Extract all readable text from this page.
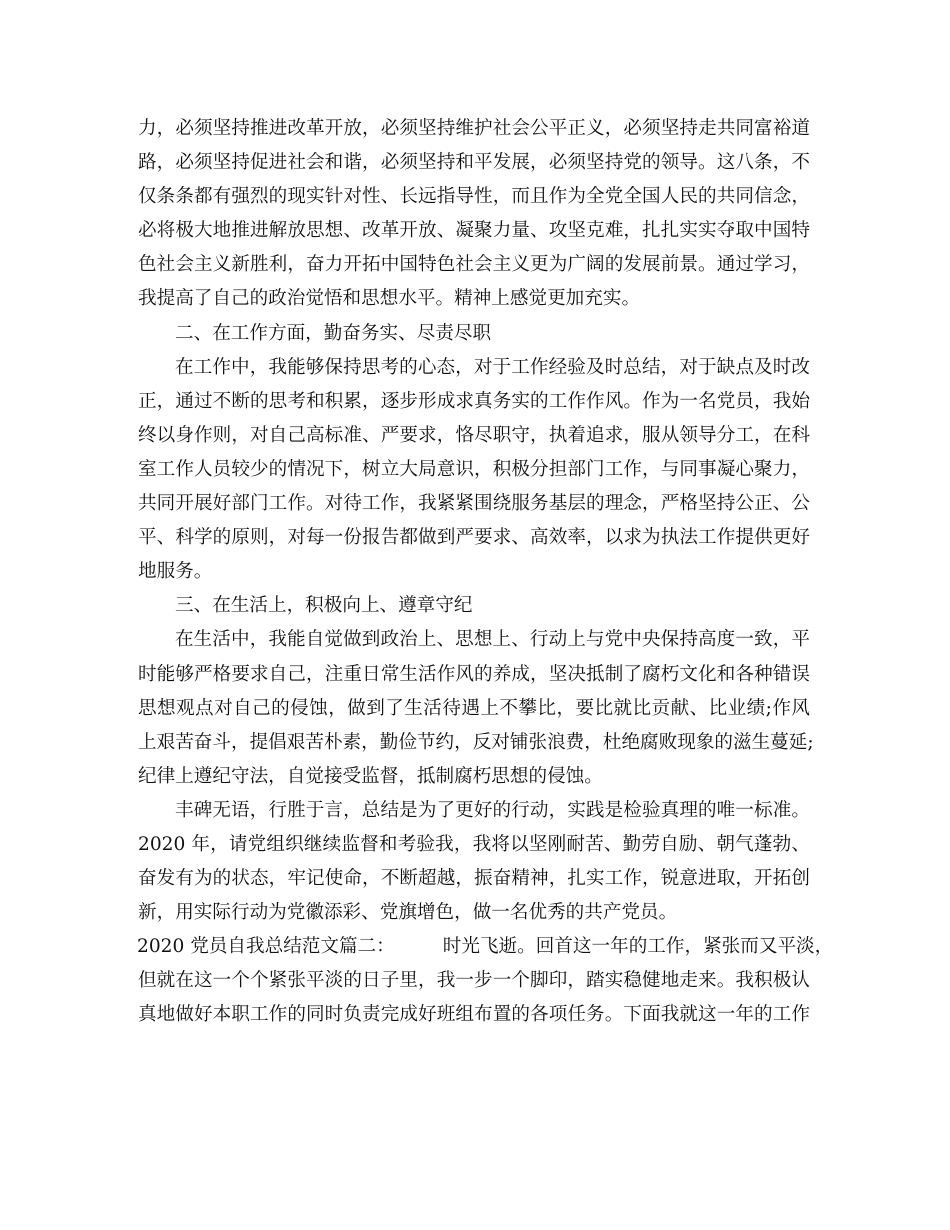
力，必须坚持推进改革开放，必须坚持维护社会公平正义，必须坚持走共同富裕道
路，必须坚持促进社会和谐，必须坚持和平发展，必须坚持党的领导。这八条，不
仅条条都有强烈的现实针对性、长远指导性，而且作为全党全国人民的共同信念，
必将极大地推进解放思想、改革开放、凝聚力量、攻坚克难，扎扎实实夺取中国特
色社会主义新胜利，奋力开拓中国特色社会主义更为广阔的发展前景。通过学习，
我提高了自己的政治觉悟和思想水平。精神上感觉更加充实。
二、在工作方面，勤奋务实、尽责尽职
在工作中，我能够保持思考的心态，对于工作经验及时总结，对于缺点及时改
正，通过不断的思考和积累，逐步形成求真务实的工作作风。作为一名党员，我始
终以身作则，对自己高标准、严要求，恪尽职守，执着追求，服从领导分工，在科
室工作人员较少的情况下，树立大局意识，积极分担部门工作，与同事凝心聚力，
共同开展好部门工作。对待工作，我紧紧围绕服务基层的理念，严格坚持公正、公
平、科学的原则，对每一份报告都做到严要求、高效率，以求为执法工作提供更好
地服务。
三、在生活上，积极向上、遵章守纪
在生活中，我能自觉做到政治上、思想上、行动上与党中央保持高度一致，平
时能够严格要求自己，注重日常生活作风的养成，坚决抵制了腐朽文化和各种错误
思想观点对自己的侵蚀，做到了生活待遇上不攀比，要比就比贡献、比业绩;作风
上艰苦奋斗，提倡艰苦朴素，勤俭节约，反对铺张浪费，杜绝腐败现象的滋生蔓延;
纪律上遵纪守法，自觉接受监督，抵制腐朽思想的侵蚀。
丰碑无语，行胜于言，总结是为了更好的行动，实践是检验真理的唯一标准。
2020 年，请党组织继续监督和考验我，我将以坚刚耐苦、勤劳自励、朝气蓬勃、
奋发有为的状态，牢记使命，不断超越，振奋精神，扎实工作，锐意进取，开拓创
新，用实际行动为党徽添彩、党旗增色，做一名优秀的共产党员。
2020 党员自我总结范文篇二：	时光飞逝。回首这一年的工作，紧张而又平淡，
但就在这一个个紧张平淡的日子里，我一步一个脚印，踏实稳健地走来。我积极认
真地做好本职工作的同时负责完成好班组布置的各项任务。下面我就这一年的工作
